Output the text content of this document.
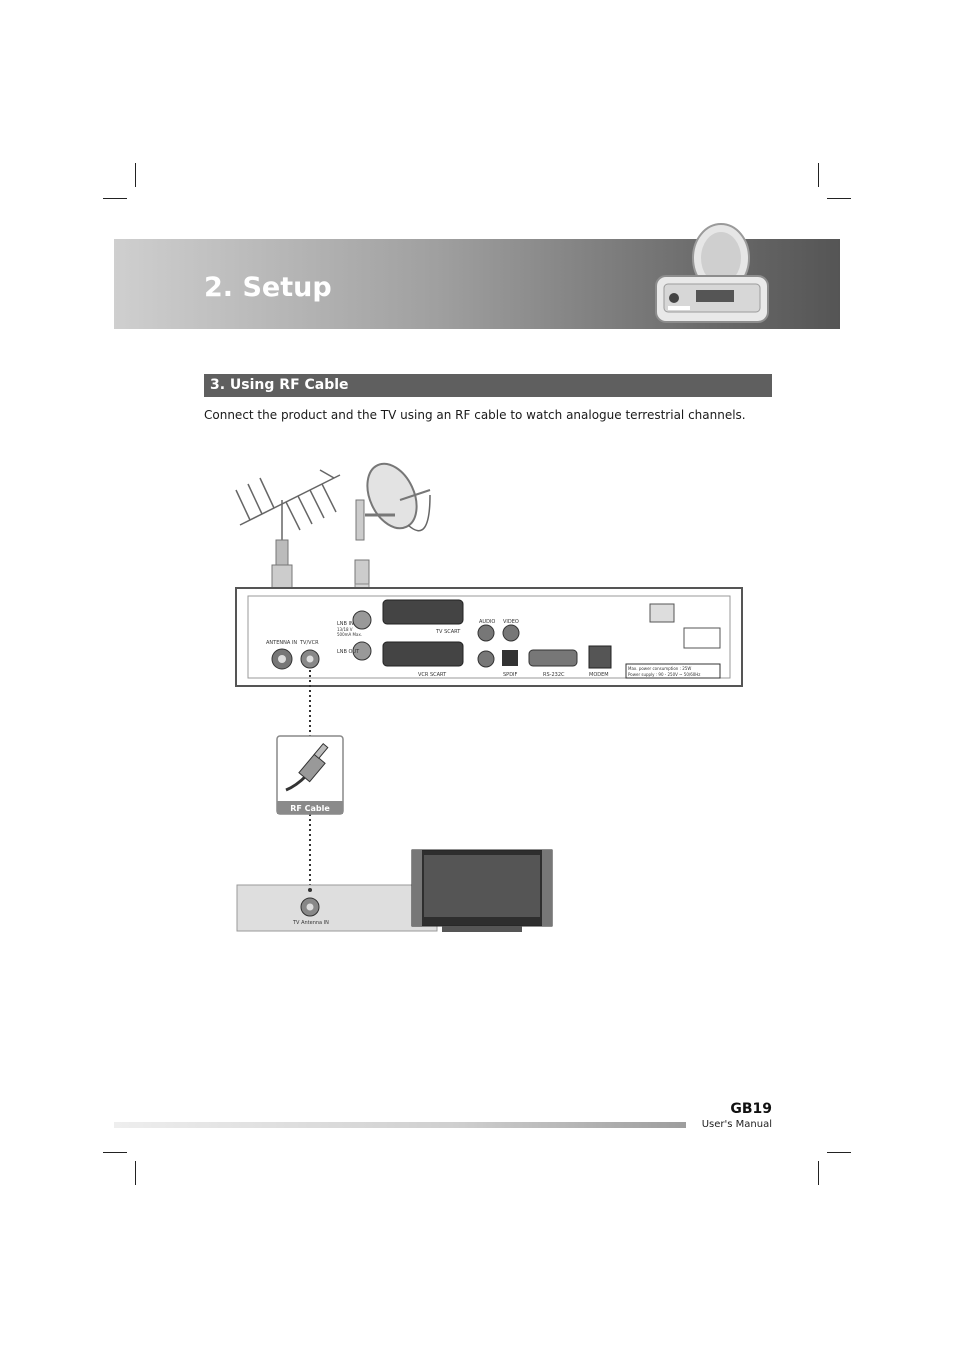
2. Setup
3. Using RF Cable
Connect the product and the TV using an RF cable to watch analogue terrestrial channels.
ANTENNA IN TV/VCR
LNB IN
13/18 V
500mA Max.
LNB OUT
TV SCART
VCR SCART
AUDIO VIDEO
SPDIF	RS-232C	MODEM
Max. power consumption : 25W
Power supply : 90 - 250V ~ 50/60Hz
RF Cable
TV Antenna IN
GB19
User's Manual
